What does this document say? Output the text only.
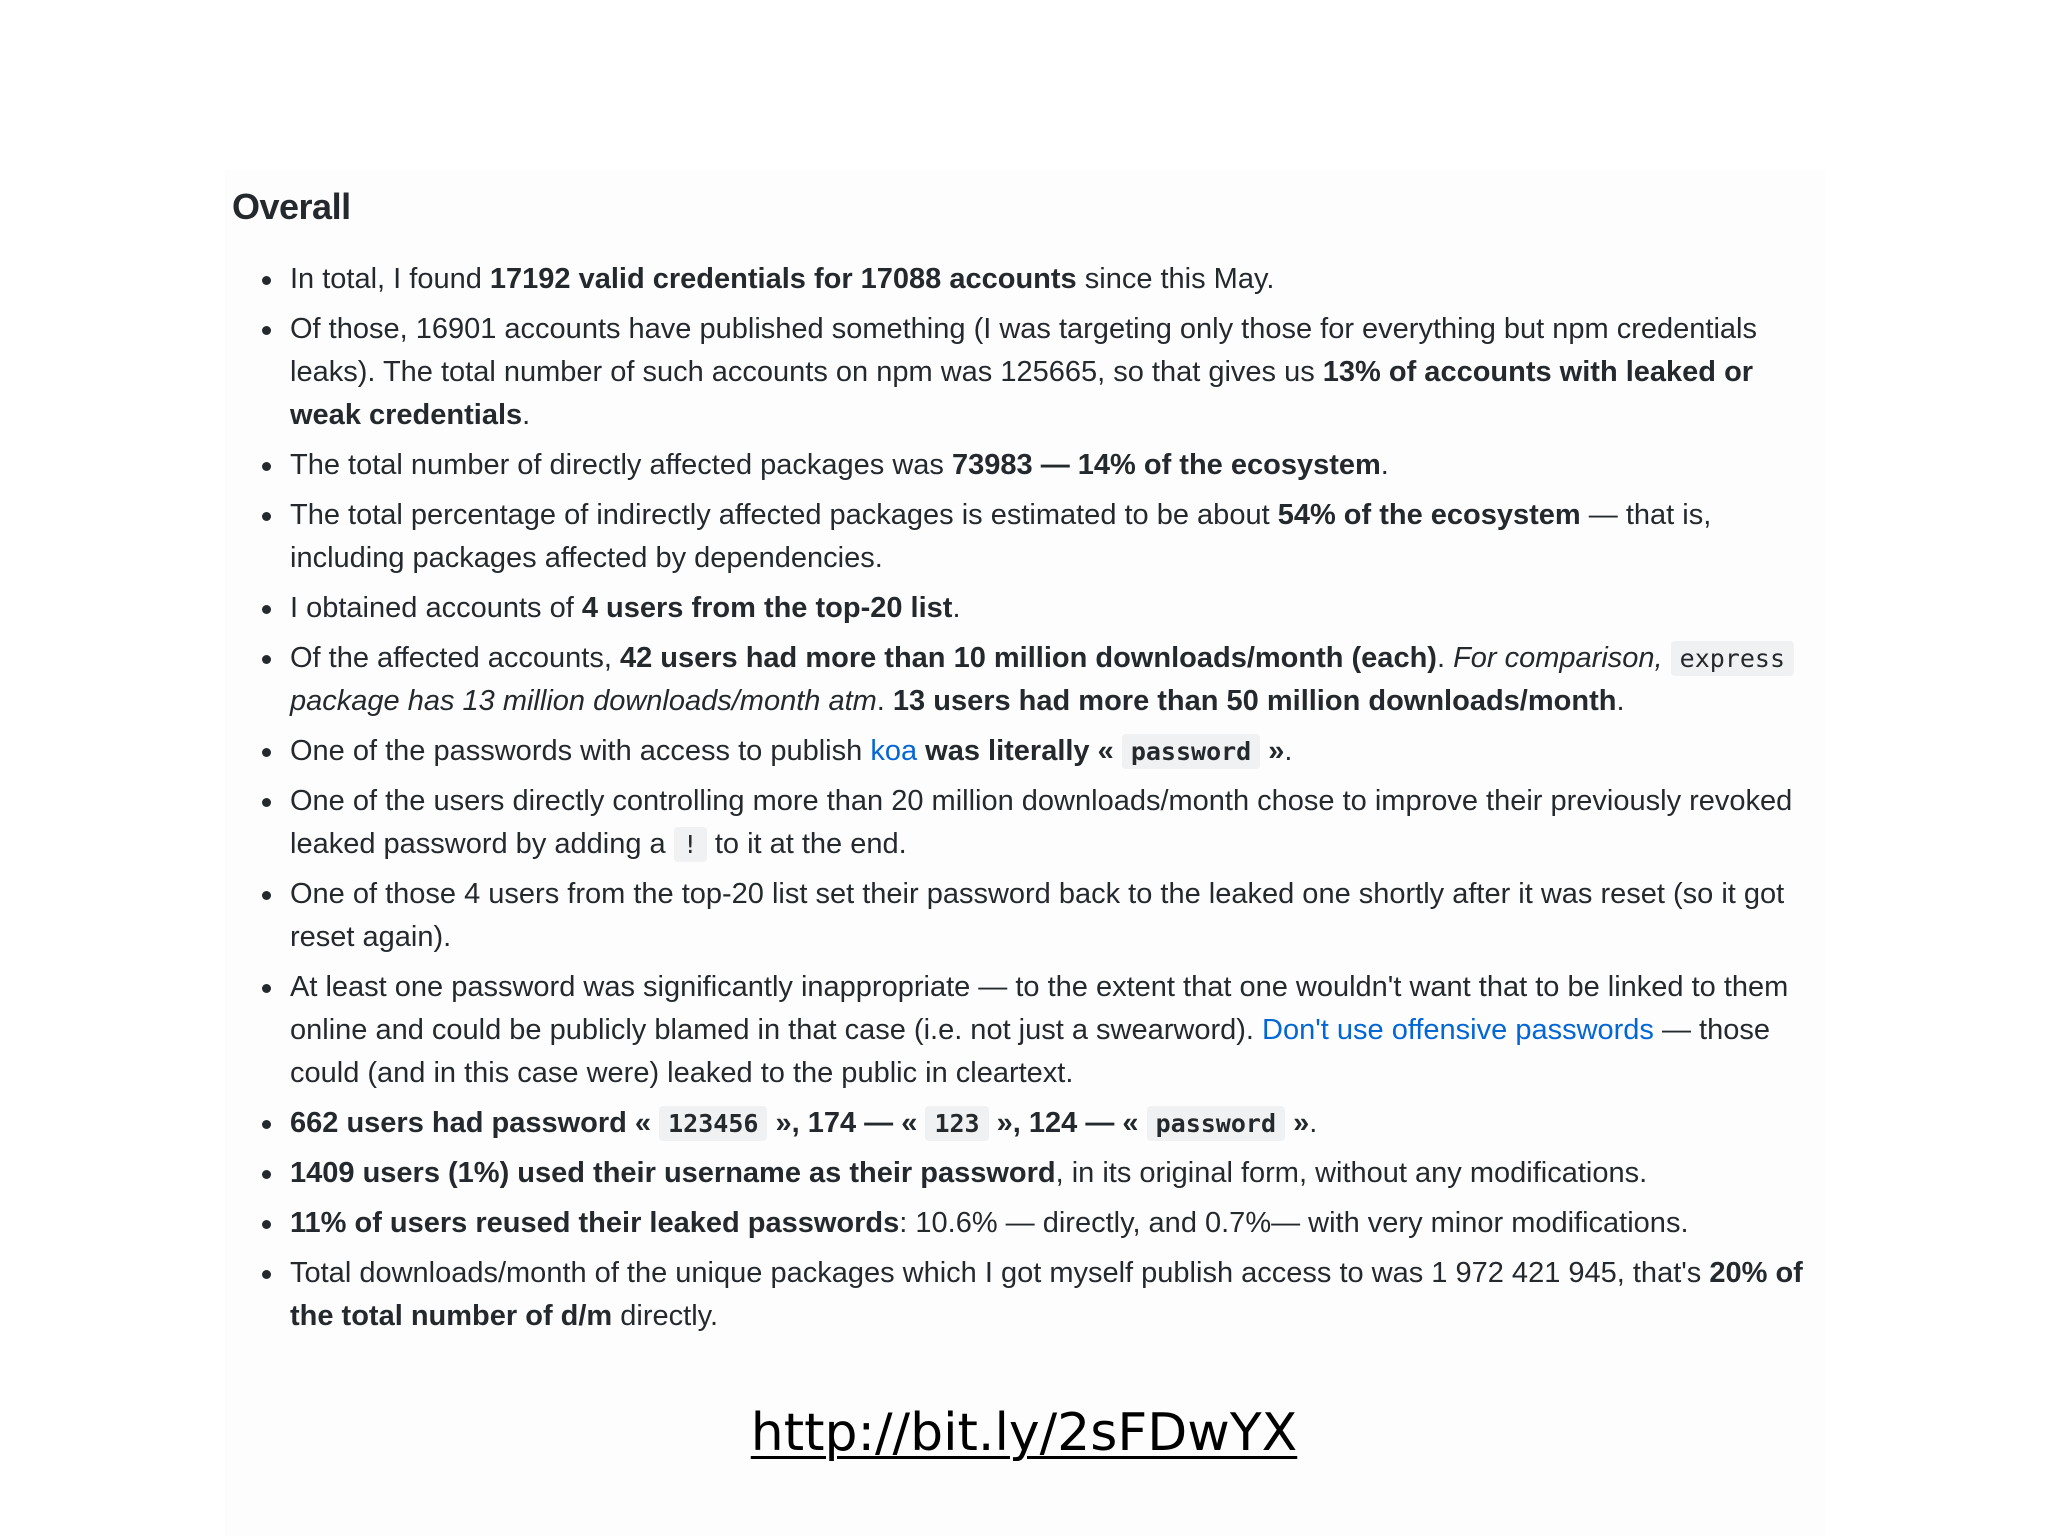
Overall
In total, I found 17192 valid credentials for 17088 accounts since this May.
Of those, 16901 accounts have published something (I was targeting only those for everything but npm credentials leaks). The total number of such accounts on npm was 125665, so that gives us 13% of accounts with leaked or weak credentials.
The total number of directly affected packages was 73983 — 14% of the ecosystem.
The total percentage of indirectly affected packages is estimated to be about 54% of the ecosystem — that is, including packages affected by dependencies.
I obtained accounts of 4 users from the top-20 list.
Of the affected accounts, 42 users had more than 10 million downloads/month (each). For comparison, express package has 13 million downloads/month atm. 13 users had more than 50 million downloads/month.
One of the passwords with access to publish koa was literally « password ».
One of the users directly controlling more than 20 million downloads/month chose to improve their previously revoked leaked password by adding a ! to it at the end.
One of those 4 users from the top-20 list set their password back to the leaked one shortly after it was reset (so it got reset again).
At least one password was significantly inappropriate — to the extent that one wouldn't want that to be linked to them online and could be publicly blamed in that case (i.e. not just a swearword). Don't use offensive passwords — those could (and in this case were) leaked to the public in cleartext.
662 users had password « 123456 », 174 — « 123 », 124 — « password ».
1409 users (1%) used their username as their password, in its original form, without any modifications.
11% of users reused their leaked passwords: 10.6% — directly, and 0.7%— with very minor modifications.
Total downloads/month of the unique packages which I got myself publish access to was 1 972 421 945, that's 20% of the total number of d/m directly.
http://bit.ly/2sFDwYX
